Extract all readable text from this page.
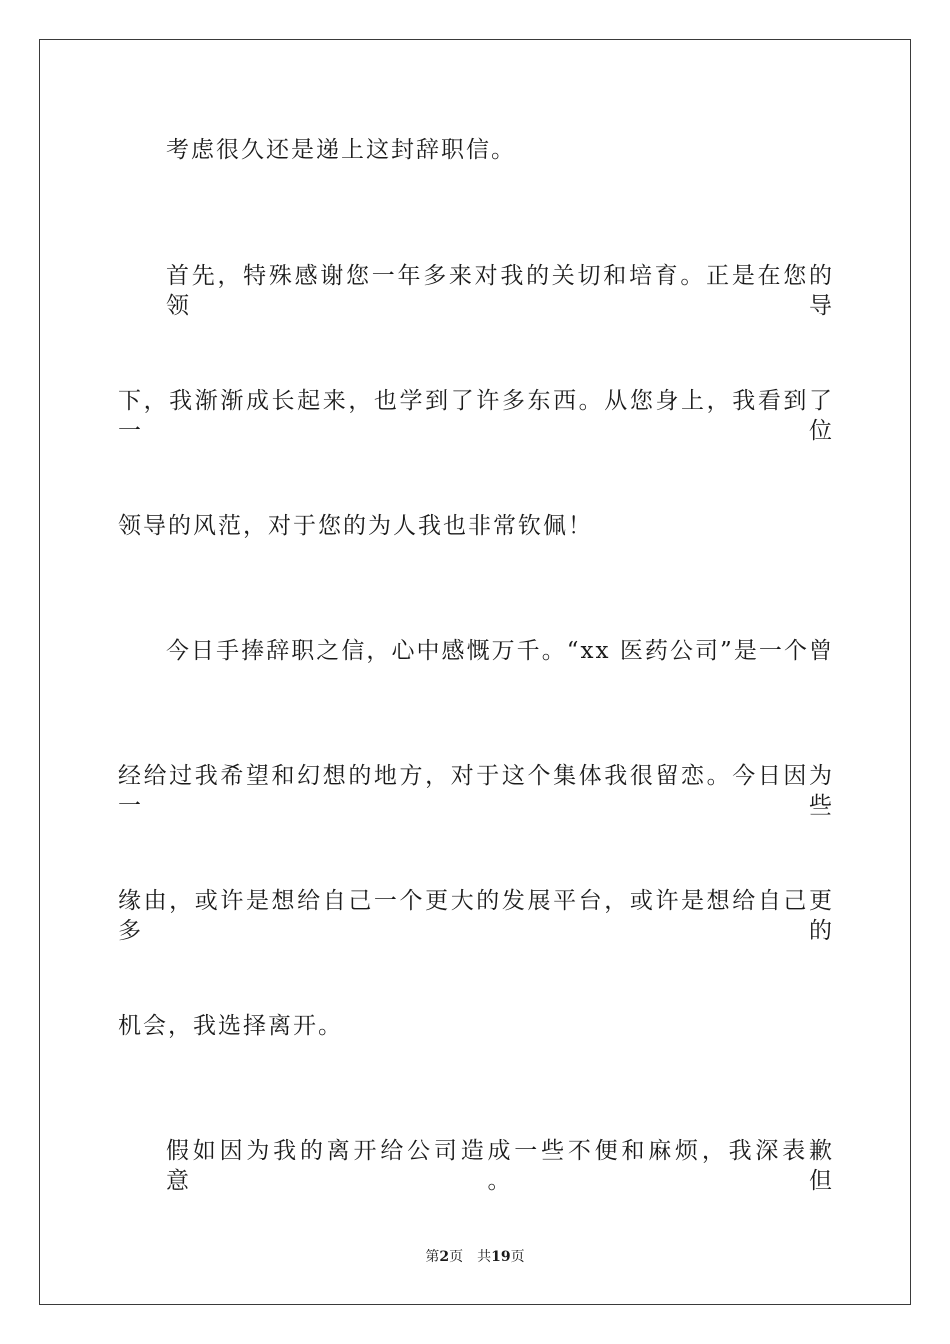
考虑很久还是递上这封辞职信。
首先，特殊感谢您一年多来对我的关切和培育。正是在您的领导
下，我渐渐成长起来，也学到了许多东西。从您身上，我看到了一位
领导的风范，对于您的为人我也非常钦佩！
今日手捧辞职之信，心中感慨万千。“xx 医药公司”是一个曾
经给过我希望和幻想的地方，对于这个集体我很留恋。今日因为一些
缘由，或许是想给自己一个更大的发展平台，或许是想给自己更多的
机会，我选择离开。
假如因为我的离开给公司造成一些不便和麻烦，我深表歉意。但
第2页 共19页
